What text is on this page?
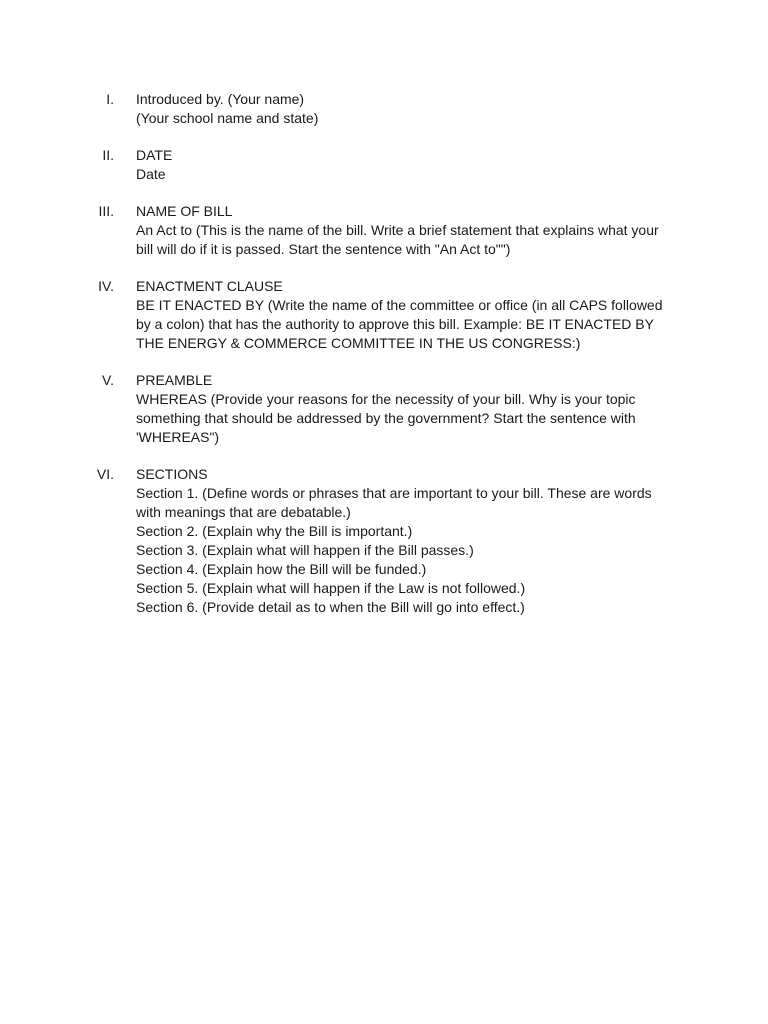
I. Introduced by. (Your name)
(Your school name and state)
II. DATE
Date
III. NAME OF BILL
An Act to (This is the name of the bill. Write a brief statement that explains what your bill will do if it is passed. Start the sentence with "An Act to"")
IV. ENACTMENT CLAUSE
BE IT ENACTED BY (Write the name of the committee or office (in all CAPS followed by a colon) that has the authority to approve this bill. Example: BE IT ENACTED BY THE ENERGY & COMMERCE COMMITTEE IN THE US CONGRESS:)
V. PREAMBLE
WHEREAS (Provide your reasons for the necessity of your bill. Why is your topic something that should be addressed by the government? Start the sentence with 'WHEREAS")
VI. SECTIONS
Section 1. (Define words or phrases that are important to your bill. These are words with meanings that are debatable.)
Section 2. (Explain why the Bill is important.)
Section 3. (Explain what will happen if the Bill passes.)
Section 4. (Explain how the Bill will be funded.)
Section 5. (Explain what will happen if the Law is not followed.)
Section 6. (Provide detail as to when the Bill will go into effect.)
